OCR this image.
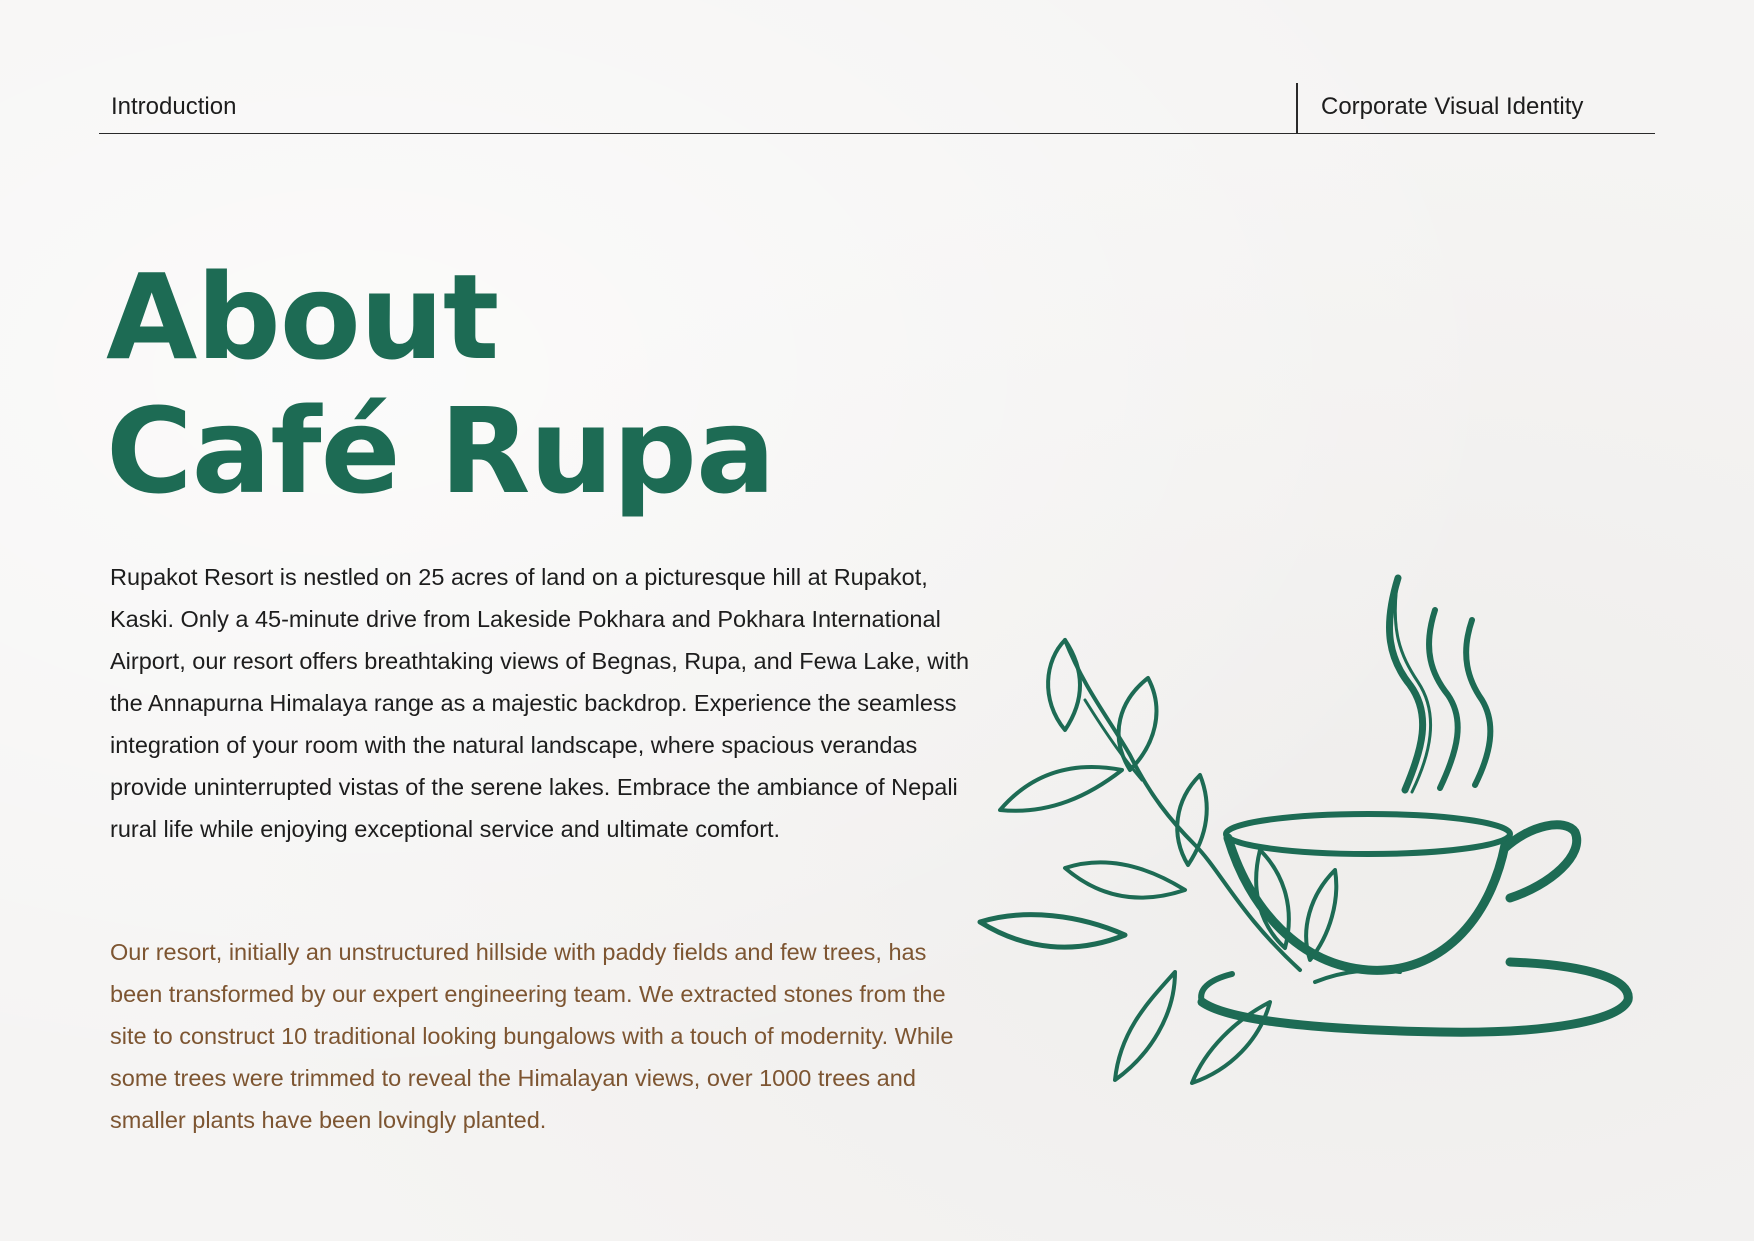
Introduction	Corporate Visual Identity
About
Café Rupa

Rupakot Resort is nestled on 25 acres of land on a picturesque hill at Rupakot, Kaski. Only a 45-minute drive from Lakeside Pokhara and Pokhara International Airport, our resort offers breathtaking views of Begnas, Rupa, and Fewa Lake, with the Annapurna Himalaya range as a majestic backdrop. Experience the seamless integration of your room with the natural landscape, where spacious verandas provide uninterrupted vistas of the serene lakes. Embrace the ambiance of Nepali rural life while enjoying exceptional service and ultimate comfort.

Our resort, initially an unstructured hillside with paddy fields and few trees, has been transformed by our expert engineering team. We extracted stones from the site to construct 10 traditional looking bungalows with a touch of modernity. While some trees were trimmed to reveal the Himalayan views, over 1000 trees and smaller plants have been lovingly planted.
